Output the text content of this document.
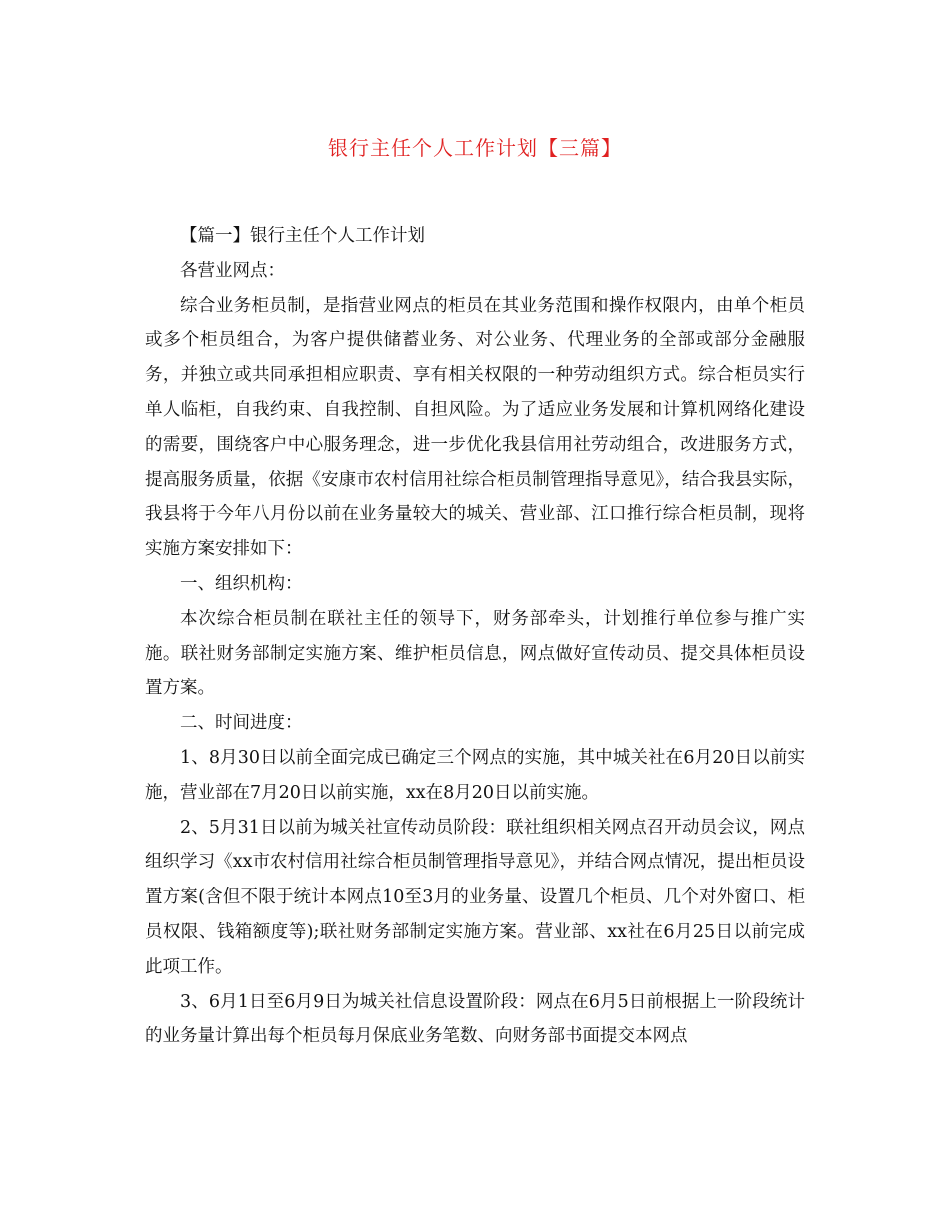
银行主任个人工作计划【三篇】

【篇一】银行主任个人工作计划

各营业网点：

综合业务柜员制，是指营业网点的柜员在其业务范围和操作权限内，由单个柜员或多个柜员组合，为客户提供储蓄业务、对公业务、代理业务的全部或部分金融服务，并独立或共同承担相应职责、享有相关权限的一种劳动组织方式。综合柜员实行单人临柜，自我约束、自我控制、自担风险。为了适应业务发展和计算机网络化建设的需要，围绕客户中心服务理念，进一步优化我县信用社劳动组合，改进服务方式，提高服务质量，依据《安康市农村信用社综合柜员制管理指导意见》，结合我县实际，我县将于今年八月份以前在业务量较大的城关、营业部、江口推行综合柜员制，现将实施方案安排如下：

一、组织机构：

本次综合柜员制在联社主任的领导下，财务部牵头，计划推行单位参与推广实施。联社财务部制定实施方案、维护柜员信息，网点做好宣传动员、提交具体柜员设置方案。

二、时间进度：

1、8月30日以前全面完成已确定三个网点的实施，其中城关社在6月20日以前实施，营业部在7月20日以前实施，xx在8月20日以前实施。

2、5月31日以前为城关社宣传动员阶段：联社组织相关网点召开动员会议，网点组织学习《xx市农村信用社综合柜员制管理指导意见》，并结合网点情况，提出柜员设置方案(含但不限于统计本网点10至3月的业务量、设置几个柜员、几个对外窗口、柜员权限、钱箱额度等);联社财务部制定实施方案。营业部、xx社在6月25日以前完成此项工作。

3、6月1日至6月9日为城关社信息设置阶段：网点在6月5日前根据上一阶段统计的业务量计算出每个柜员每月保底业务笔数、向财务部书面提交本网点
